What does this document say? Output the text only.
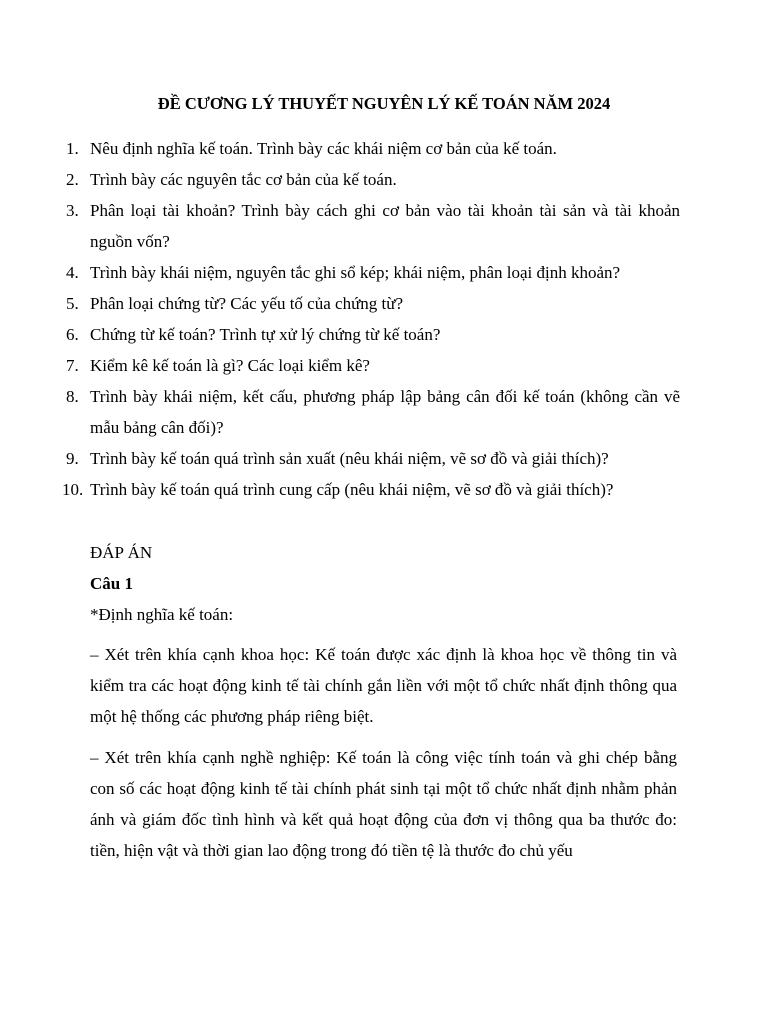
ĐỀ CƯƠNG LÝ THUYẾT NGUYÊN LÝ KẾ TOÁN NĂM 2024
1. Nêu định nghĩa kế toán. Trình bày các khái niệm cơ bản của kế toán.
2. Trình bày các nguyên tắc cơ bản của kế toán.
3. Phân loại tài khoản? Trình bày cách ghi cơ bản vào tài khoản tài sản và tài khoản nguồn vốn?
4. Trình bày khái niệm, nguyên tắc ghi sổ kép; khái niệm, phân loại định khoản?
5. Phân loại chứng từ? Các yếu tố của chứng từ?
6. Chứng từ kế toán? Trình tự xử lý chứng từ kế toán?
7. Kiểm kê kế toán là gì? Các loại kiểm kê?
8. Trình bày khái niệm, kết cấu, phương pháp lập bảng cân đối kế toán (không cần vẽ mẫu bảng cân đối)?
9. Trình bày kế toán quá trình sản xuất (nêu khái niệm, vẽ sơ đồ và giải thích)?
10. Trình bày kế toán quá trình cung cấp (nêu khái niệm, vẽ sơ đồ và giải thích)?
ĐÁP ÁN
Câu 1
*Định nghĩa kế toán:
– Xét trên khía cạnh khoa học: Kế toán được xác định là khoa học về thông tin và kiểm tra các hoạt động kinh tế tài chính gắn liền với một tổ chức nhất định thông qua một hệ thống các phương pháp riêng biệt.
– Xét trên khía cạnh nghề nghiệp: Kế toán là công việc tính toán và ghi chép bằng con số các hoạt động kinh tế tài chính phát sinh tại một tổ chức nhất định nhằm phản ánh và giám đốc tình hình và kết quả hoạt động của đơn vị thông qua ba thước đo: tiền, hiện vật và thời gian lao động trong đó tiền tệ là thước đo chủ yếu
